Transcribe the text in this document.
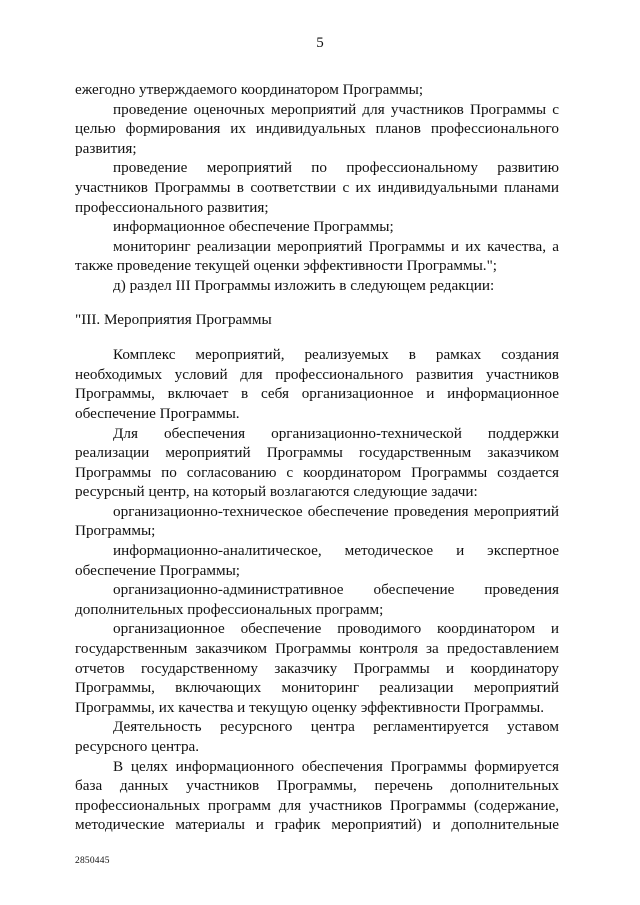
5

ежегодно утверждаемого координатором Программы;

проведение оценочных мероприятий для участников Программы с целью формирования их индивидуальных планов профессионального развития;

проведение мероприятий по профессиональному развитию участников Программы в соответствии с их индивидуальными планами профессионального развития;

информационное обеспечение Программы;

мониторинг реализации мероприятий Программы и их качества, а также проведение текущей оценки эффективности Программы.";

д) раздел III Программы изложить в следующем редакции:

"III. Мероприятия Программы

Комплекс мероприятий, реализуемых в рамках создания необходимых условий для профессионального развития участников Программы, включает в себя организационное и информационное обеспечение Программы.

Для обеспечения организационно-технической поддержки реализации мероприятий Программы государственным заказчиком Программы по согласованию с координатором Программы создается ресурсный центр, на который возлагаются следующие задачи:

организационно-техническое обеспечение проведения мероприятий Программы;

информационно-аналитическое, методическое и экспертное обеспечение Программы;

организационно-административное обеспечение проведения дополнительных профессиональных программ;

организационное обеспечение проводимого координатором и государственным заказчиком Программы контроля за предоставлением отчетов государственному заказчику Программы и координатору Программы, включающих мониторинг реализации мероприятий Программы, их качества и текущую оценку эффективности Программы.

Деятельность ресурсного центра регламентируется уставом ресурсного центра.

В целях информационного обеспечения Программы формируется база данных участников Программы, перечень дополнительных профессиональных программ для участников Программы (содержание, методические материалы и график мероприятий) и дополнительные

2850445
